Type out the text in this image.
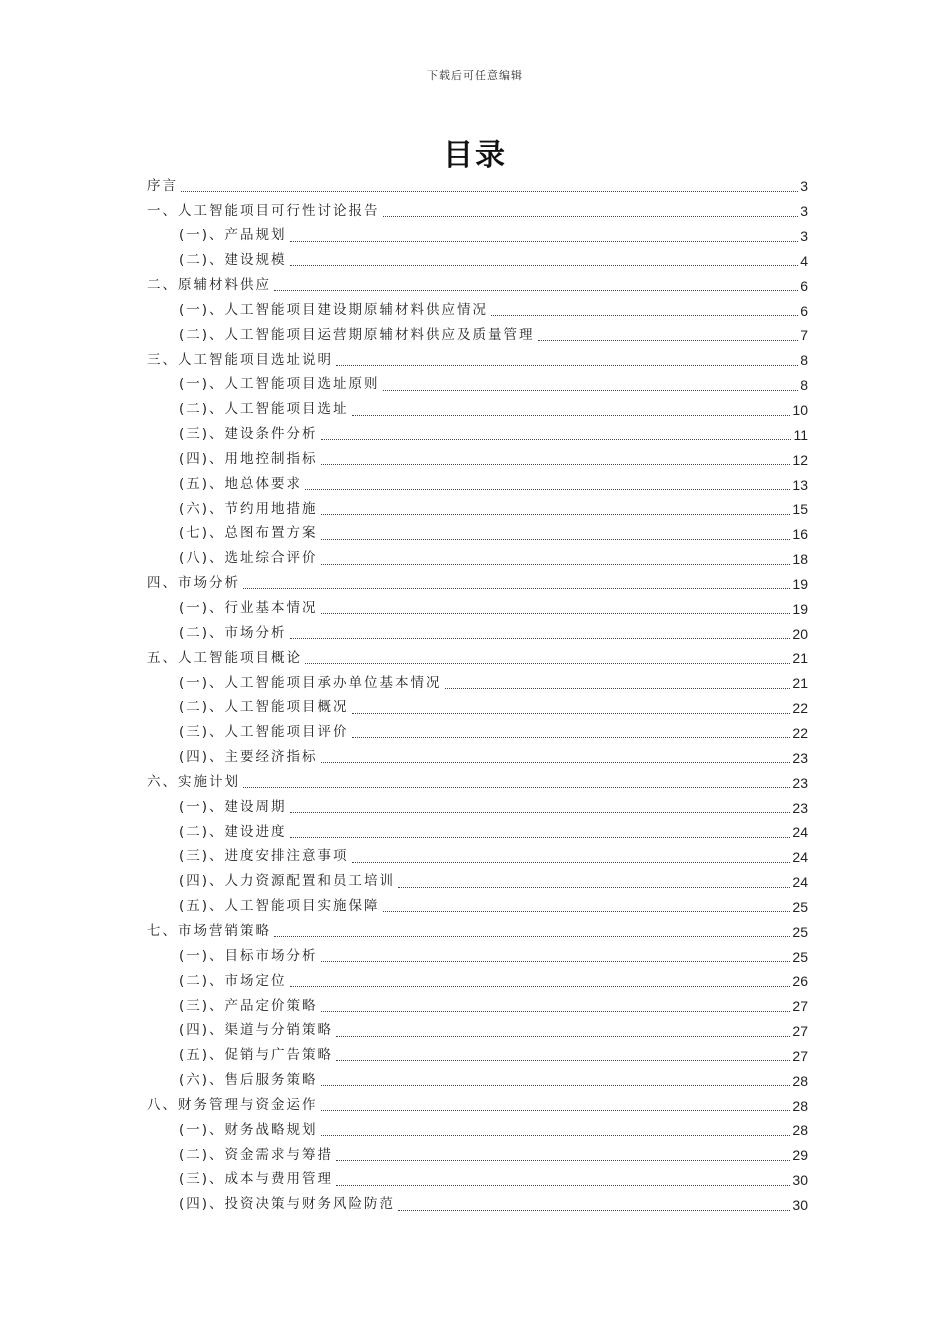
下载后可任意编辑
目录
序言	3
一、人工智能项目可行性讨论报告	3
(一)、产品规划	3
(二)、建设规模	4
二、原辅材料供应	6
(一)、人工智能项目建设期原辅材料供应情况	6
(二)、人工智能项目运营期原辅材料供应及质量管理	7
三、人工智能项目选址说明	8
(一)、人工智能项目选址原则	8
(二)、人工智能项目选址	10
(三)、建设条件分析	11
(四)、用地控制指标	12
(五)、地总体要求	13
(六)、节约用地措施	15
(七)、总图布置方案	16
(八)、选址综合评价	18
四、市场分析	19
(一)、行业基本情况	19
(二)、市场分析	20
五、人工智能项目概论	21
(一)、人工智能项目承办单位基本情况	21
(二)、人工智能项目概况	22
(三)、人工智能项目评价	22
(四)、主要经济指标	23
六、实施计划	23
(一)、建设周期	23
(二)、建设进度	24
(三)、进度安排注意事项	24
(四)、人力资源配置和员工培训	24
(五)、人工智能项目实施保障	25
七、市场营销策略	25
(一)、目标市场分析	25
(二)、市场定位	26
(三)、产品定价策略	27
(四)、渠道与分销策略	27
(五)、促销与广告策略	27
(六)、售后服务策略	28
八、财务管理与资金运作	28
(一)、财务战略规划	28
(二)、资金需求与筹措	29
(三)、成本与费用管理	30
(四)、投资决策与财务风险防范	30
